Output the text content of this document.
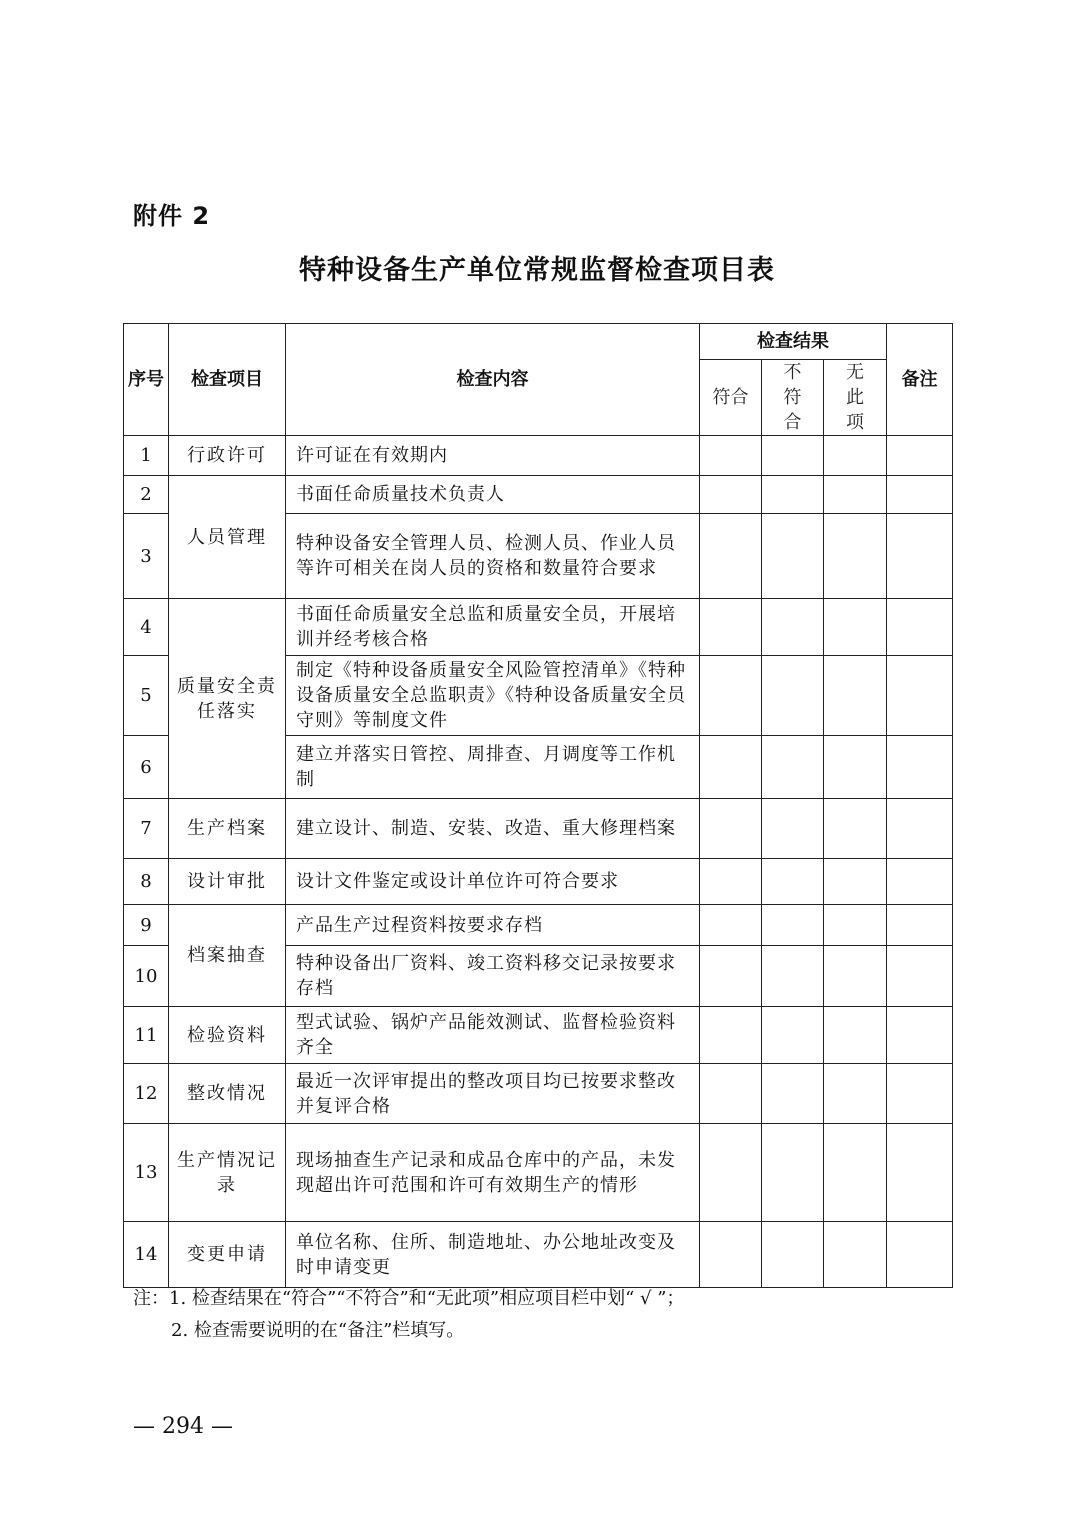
附件 2
特种设备生产单位常规监督检查项目表
序号	检查项目	检查内容	检查结果			备注
			符合	不符合	无此项	
1	行政许可	许可证在有效期内				
2	人员管理	书面任命质量技术负责人				
3		特种设备安全管理人员、检测人员、作业人员等许可相关在岗人员的资格和数量符合要求				
4	质量安全责任落实	书面任命质量安全总监和质量安全员，开展培训并经考核合格				
5		制定《特种设备质量安全风险管控清单》《特种设备质量安全总监职责》《特种设备质量安全员守则》等制度文件				
6		建立并落实日管控、周排查、月调度等工作机制				
7	生产档案	建立设计、制造、安装、改造、重大修理档案				
8	设计审批	设计文件鉴定或设计单位许可符合要求				
9	档案抽查	产品生产过程资料按要求存档				
10		特种设备出厂资料、竣工资料移交记录按要求存档				
11	检验资料	型式试验、锅炉产品能效测试、监督检验资料齐全				
12	整改情况	最近一次评审提出的整改项目均已按要求整改并复评合格				
13	生产情况记录	现场抽查生产记录和成品仓库中的产品，未发现超出许可范围和许可有效期生产的情形				
14	变更申请	单位名称、住所、制造地址、办公地址改变及时申请变更				
注：1. 检查结果在“符合”“不符合”和“无此项”相应项目栏中划“ √ ”；
2. 检查需要说明的在“备注”栏填写。
— 294 —
